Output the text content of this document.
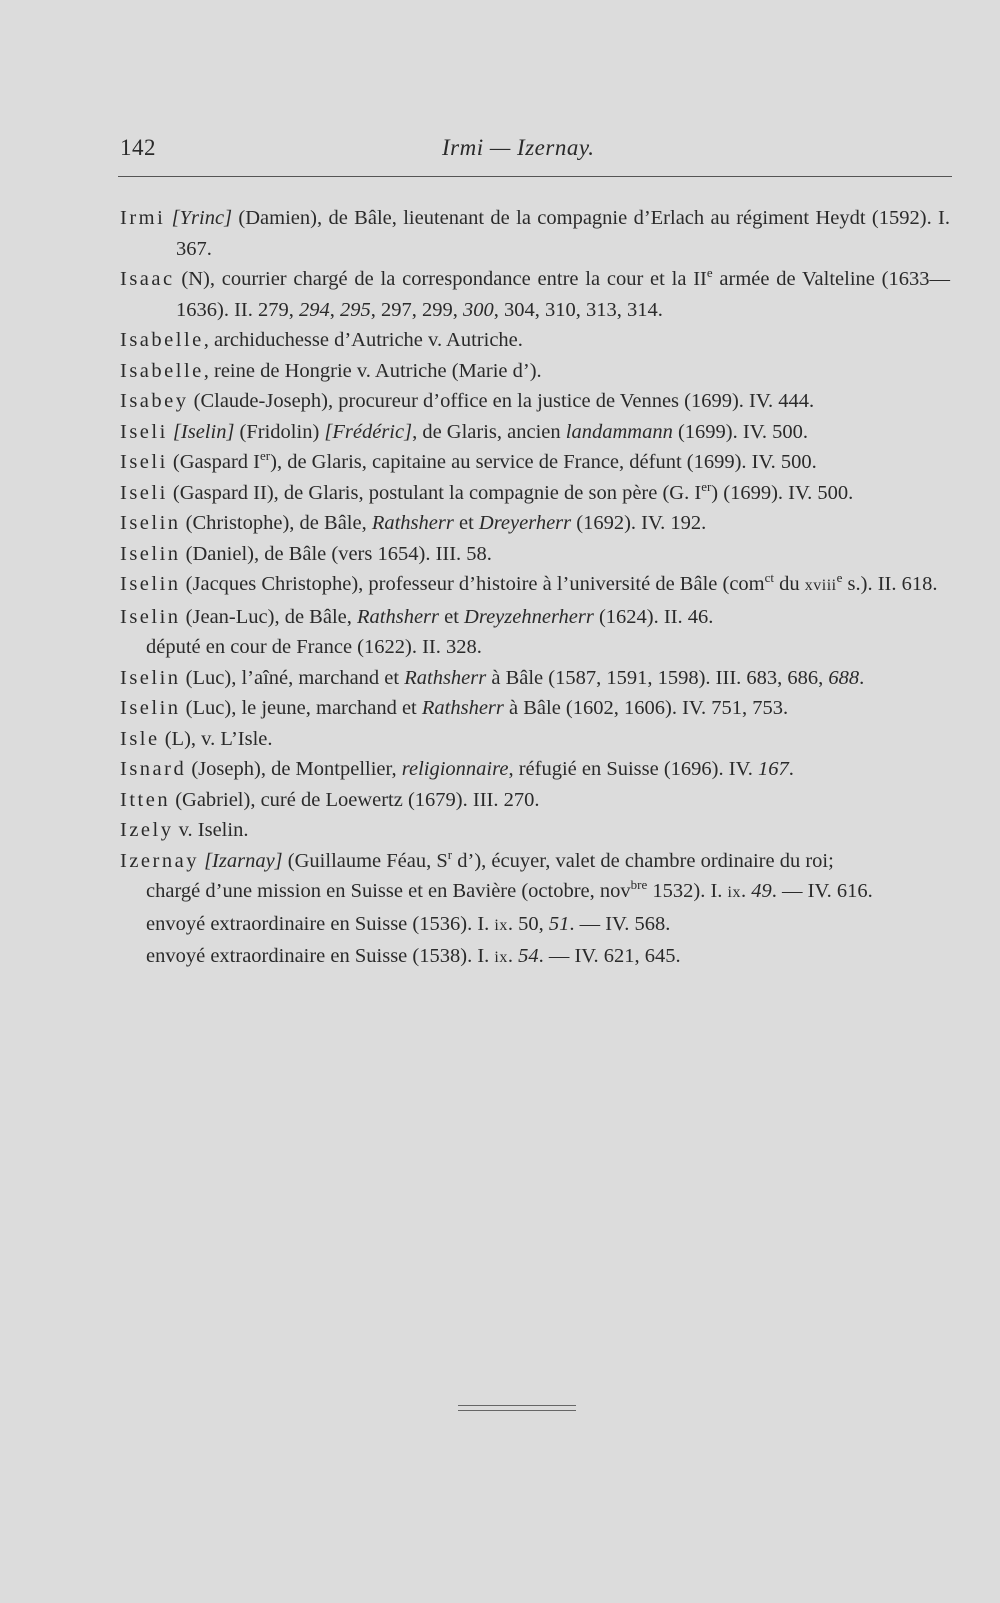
142	Irmi — Izernay.

Irmi [Yrinc] (Damien), de Bâle, lieutenant de la compagnie d’Erlach au régiment Heydt (1592). I. 367.

Isaac (N), courrier chargé de la correspondance entre la cour et la IIe armée de Valteline (1633—1636). II. 279, 294, 295, 297, 299, 300, 304, 310, 313, 314.

Isabelle, archiduchesse d’Autriche v. Autriche.

Isabelle, reine de Hongrie v. Autriche (Marie d’).

Isabey (Claude-Joseph), procureur d’office en la justice de Vennes (1699). IV. 444.

Iseli [Iselin] (Fridolin) [Frédéric], de Glaris, ancien landammann (1699). IV. 500.

Iseli (Gaspard Ier), de Glaris, capitaine au service de France, défunt (1699). IV. 500.

Iseli (Gaspard II), de Glaris, postulant la compagnie de son père (G. Ier) (1699). IV. 500.

Iselin (Christophe), de Bâle, Rathsherr et Dreyerherr (1692). IV. 192.

Iselin (Daniel), de Bâle (vers 1654). III. 58.

Iselin (Jacques Christophe), professeur d’histoire à l’université de Bâle (com$^{ct}$ du xviii$^e$ s.). II. 618.

Iselin (Jean-Luc), de Bâle, Rathsherr et Dreyzehnerherr (1624). II. 46.

député en cour de France (1622). II. 328.

Iselin (Luc), l’aîné, marchand et Rathsherr à Bâle (1587, 1591, 1598). III. 683, 686, 688.

Iselin (Luc), le jeune, marchand et Rathsherr à Bâle (1602, 1606). IV. 751, 753.

Isle (L), v. L’Isle.

Isnard (Joseph), de Montpellier, religionnaire, réfugié en Suisse (1696). IV. 167.

Itten (Gabriel), curé de Loewertz (1679). III. 270.

Izely v. Iselin.

Izernay [Izarnay] (Guillaume Féau, $S^r$ d’), écuyer, valet de chambre ordinaire du roi;

chargé d’une mission en Suisse et en Bavière (octobre, nov$^{bre}$ 1532). I. ix. 49. — IV. 616.

envoyé extraordinaire en Suisse (1536). I. ix. 50, 51. — IV. 568.

envoyé extraordinaire en Suisse (1538). I. ix. 54. — IV. 621, 645.
